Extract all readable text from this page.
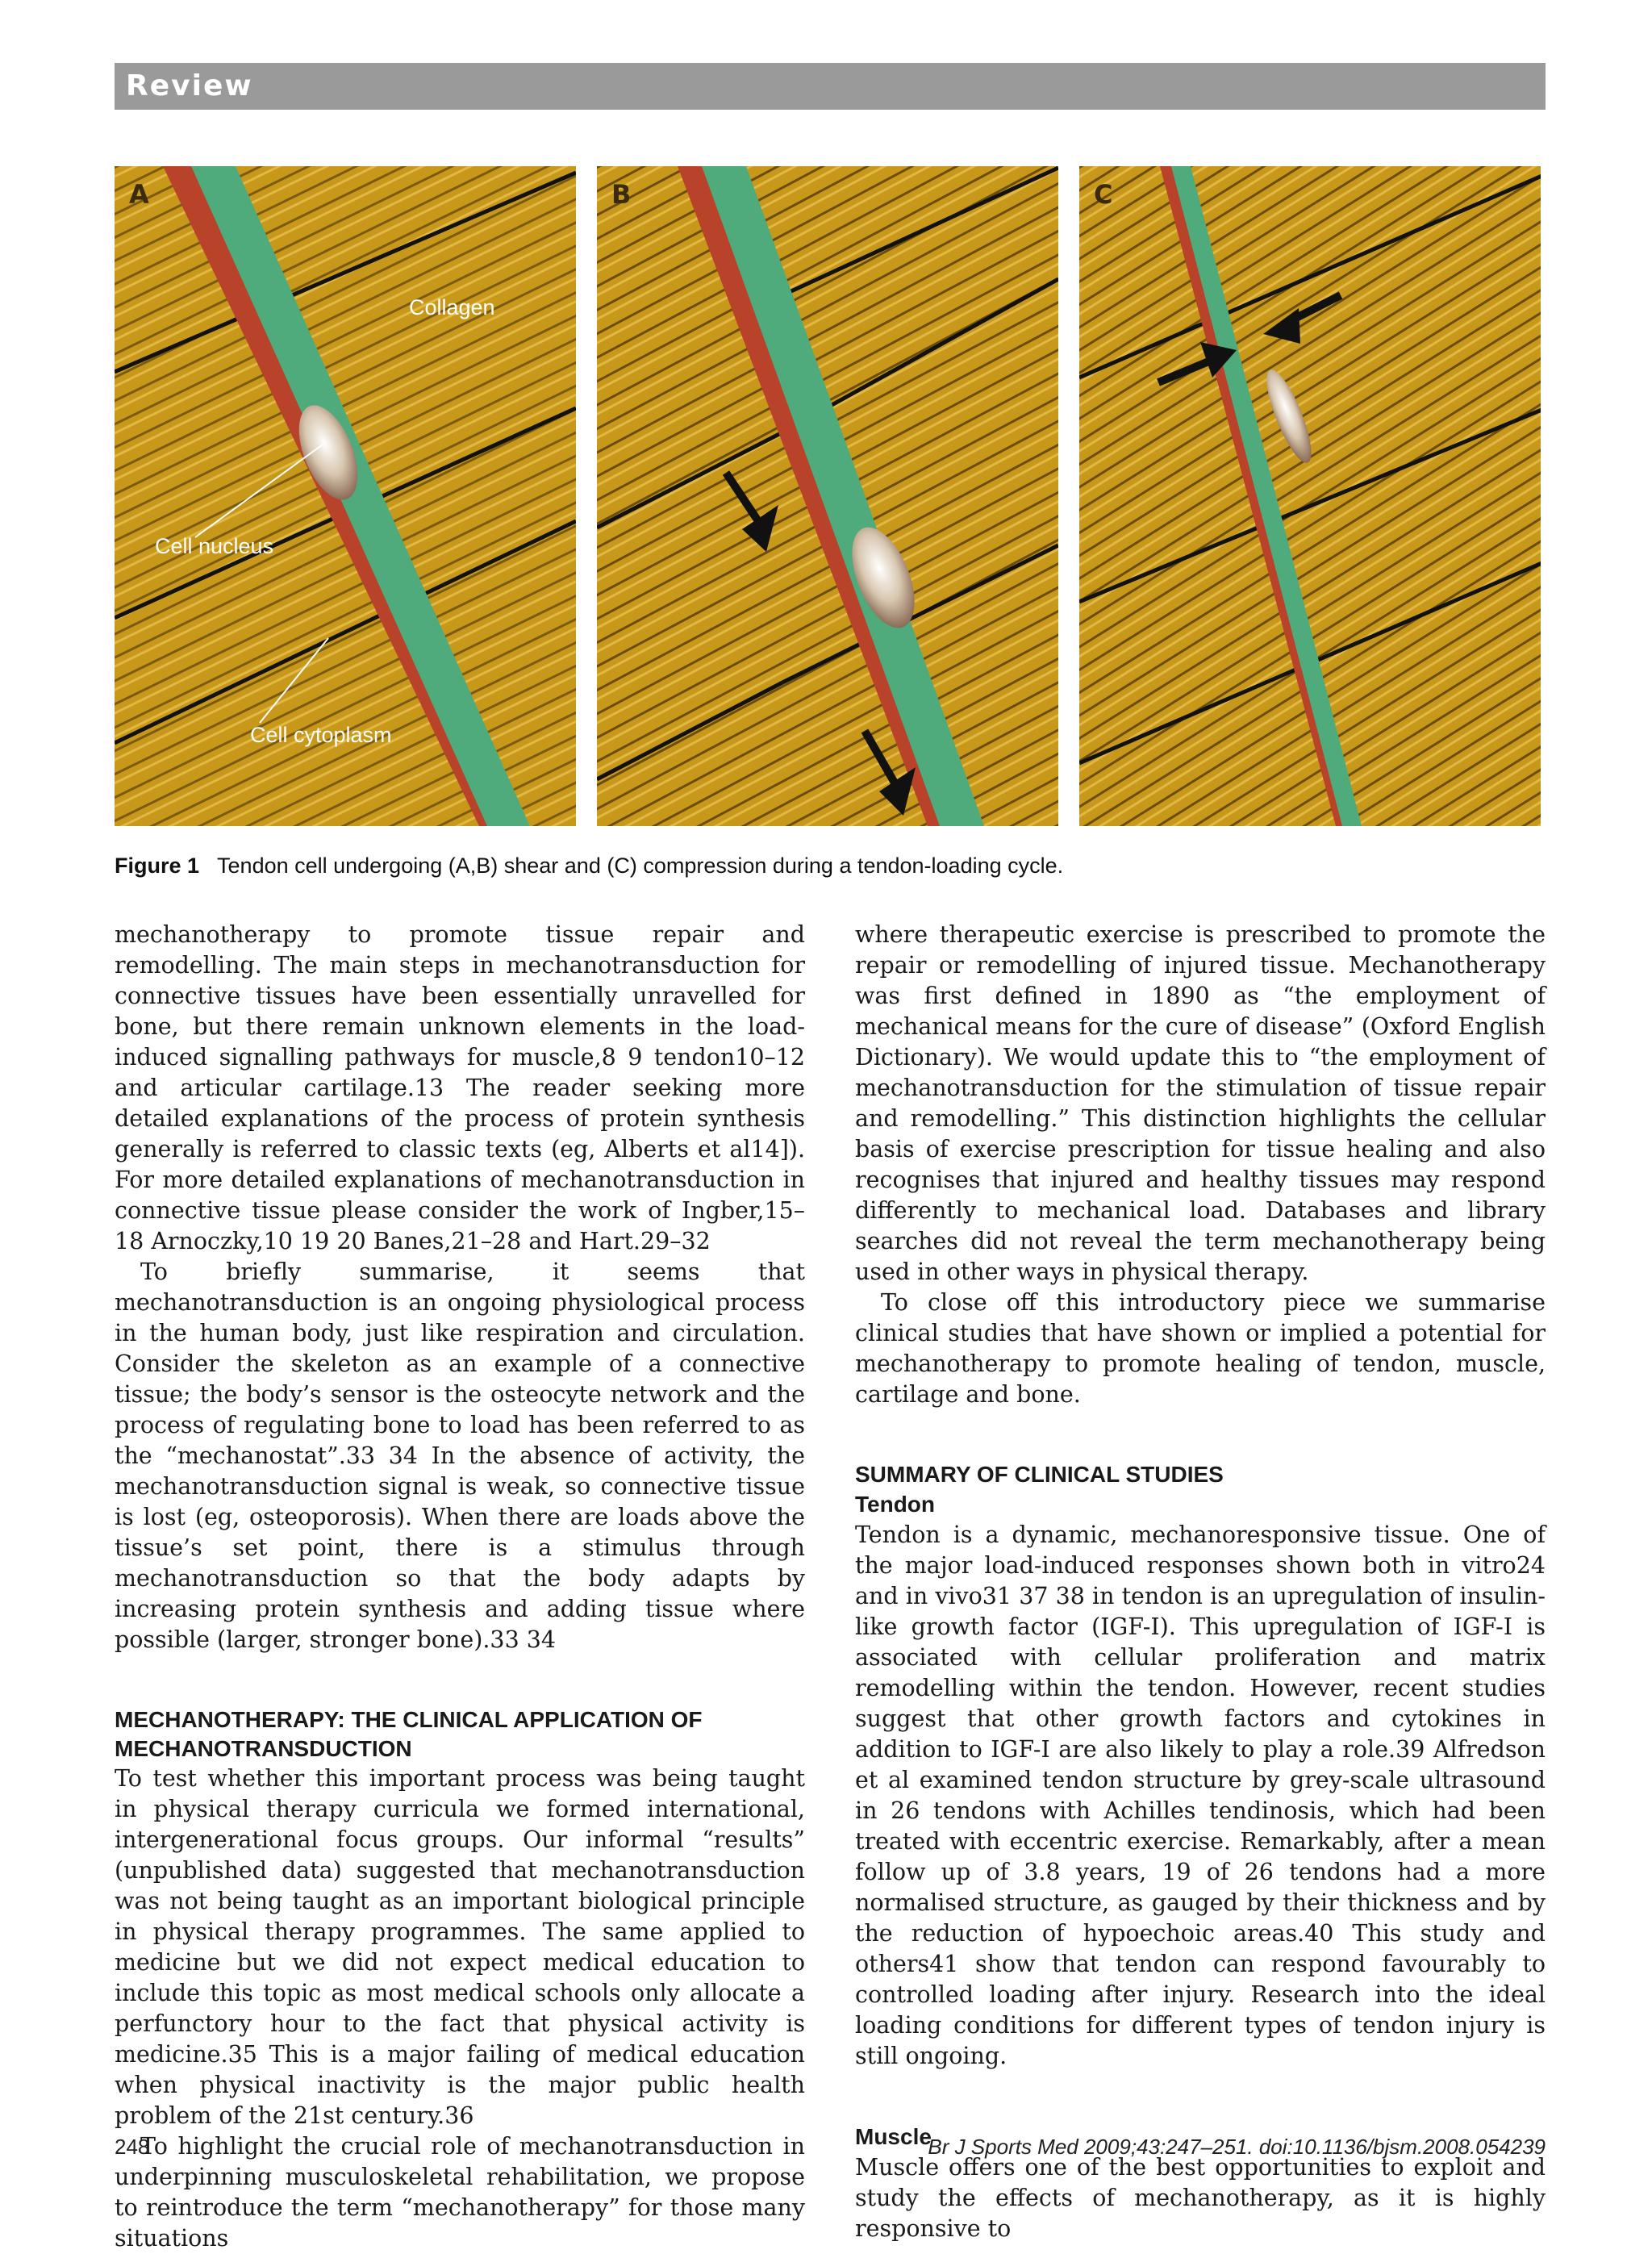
Review
A
Collagen
Cell nucleus
Cell cytoplasm
B	C
Figure 1 Tendon cell undergoing (A,B) shear and (C) compression during a tendon-loading cycle.

mechanotherapy to promote tissue repair and remodelling. The main steps in mechanotransduction for connective tissues have been essentially unravelled for bone, but there remain unknown elements in the load-induced signalling pathways for muscle,8 9 tendon10–12 and articular cartilage.13 The reader seeking more detailed explanations of the process of protein synthesis generally is referred to classic texts (eg, Alberts et al14]). For more detailed explanations of mechanotransduction in connective tissue please consider the work of Ingber,15–18 Arnoczky,10 19 20 Banes,21–28 and Hart.29–32

To briefly summarise, it seems that mechanotransduction is an ongoing physiological process in the human body, just like respiration and circulation. Consider the skeleton as an example of a connective tissue; the body’s sensor is the osteocyte network and the process of regulating bone to load has been referred to as the “mechanostat”.33 34 In the absence of activity, the mechanotransduction signal is weak, so connective tissue is lost (eg, osteoporosis). When there are loads above the tissue’s set point, there is a stimulus through mechanotransduction so that the body adapts by increasing protein synthesis and adding tissue where possible (larger, stronger bone).33 34

MECHANOTHERAPY: THE CLINICAL APPLICATION OF MECHANOTRANSDUCTION

To test whether this important process was being taught in physical therapy curricula we formed international, intergenerational focus groups. Our informal “results” (unpublished data) suggested that mechanotransduction was not being taught as an important biological principle in physical therapy programmes. The same applied to medicine but we did not expect medical education to include this topic as most medical schools only allocate a perfunctory hour to the fact that physical activity is medicine.35 This is a major failing of medical education when physical inactivity is the major public health problem of the 21st century.36

To highlight the crucial role of mechanotransduction in underpinning musculoskeletal rehabilitation, we propose to reintroduce the term “mechanotherapy” for those many situations

where therapeutic exercise is prescribed to promote the repair or remodelling of injured tissue. Mechanotherapy was first defined in 1890 as “the employment of mechanical means for the cure of disease” (Oxford English Dictionary). We would update this to “the employment of mechanotransduction for the stimulation of tissue repair and remodelling.” This distinction highlights the cellular basis of exercise prescription for tissue healing and also recognises that injured and healthy tissues may respond differently to mechanical load. Databases and library searches did not reveal the term mechanotherapy being used in other ways in physical therapy.

To close off this introductory piece we summarise clinical studies that have shown or implied a potential for mechanotherapy to promote healing of tendon, muscle, cartilage and bone.

SUMMARY OF CLINICAL STUDIES
Tendon

Tendon is a dynamic, mechanoresponsive tissue. One of the major load-induced responses shown both in vitro24 and in vivo31 37 38 in tendon is an upregulation of insulin-like growth factor (IGF-I). This upregulation of IGF-I is associated with cellular proliferation and matrix remodelling within the tendon. However, recent studies suggest that other growth factors and cytokines in addition to IGF-I are also likely to play a role.39 Alfredson et al examined tendon structure by grey-scale ultrasound in 26 tendons with Achilles tendinosis, which had been treated with eccentric exercise. Remarkably, after a mean follow up of 3.8 years, 19 of 26 tendons had a more normalised structure, as gauged by their thickness and by the reduction of hypoechoic areas.40 This study and others41 show that tendon can respond favourably to controlled loading after injury. Research into the ideal loading conditions for different types of tendon injury is still ongoing.

Muscle

Muscle offers one of the best opportunities to exploit and study the effects of mechanotherapy, as it is highly responsive to

248	Br J Sports Med 2009;43:247–251. doi:10.1136/bjsm.2008.054239
